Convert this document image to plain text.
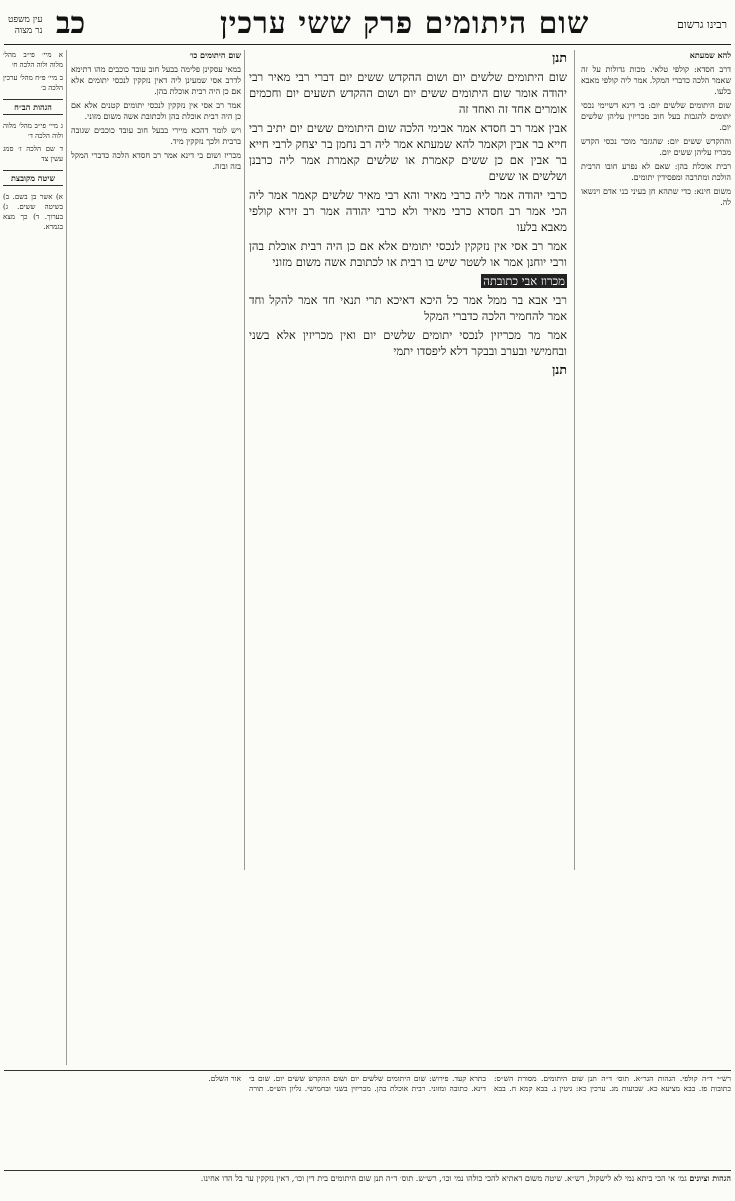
רבינו גרשום
שום היתומים פרק ששי ערכין
כב
עין משפט
נר מצוה

להא שמעתא

דרב חסדא: קולפי טלאי. מכות גדולות על זה שאמר הלכה כדברי המקל. אמר ליה קולפי מאבא בלעו.

שום היתומים שלשים יום: בי דינא דשיימי נכסי יתומים להגבות בעל חוב מכריזין עליהן שלשים יום.

וההקדש ששים יום: שהגזבר מוכר נכסי הקדש מכריז עליהן ששים יום.

רבית אוכלת בהן: שאם לא נפרע חובו הרבית הולכת ומתרבה ומפסידין יתומים.

משום חינא: כדי שתהא חן בעיני בני אדם וינשאו לה.

תנן

שום היתומים שלשים יום ושום ההקדש ששים יום דברי רבי מאיר רבי יהודה אומר שום היתומים ששים יום ושום ההקדש תשעים יום וחכמים אומרים אחד זה ואחד זה

אבין אמר רב חסדא אמר אבימי הלכה שום היתומים ששים יום יתיב רבי חייא בר אבין וקאמר להא שמעתא אמר ליה רב נחמן בר יצחק לרבי חייא בר אבין אם כן ששים קאמרת או שלשים קאמרת אמר ליה כרבנן ושלשים או ששים

כרבי יהודה אמר ליה כרבי מאיר והא רבי מאיר שלשים קאמר אמר ליה הכי אמר רב חסדא כרבי מאיר ולא כרבי יהודה אמר רב זירא קולפי מאבא בלעו

אמר רב אסי אין נזקקין לנכסי יתומים אלא אם כן היה רבית אוכלת בהן ורבי יוחנן אמר או לשטר שיש בו רבית או לכתובת אשה משום מזוני

מכרוז אבי כתובתה

רבי אבא בר ממל אמר כל היכא דאיכא תרי תנאי חד אמר להקל וחד אמר להחמיר הלכה כדברי המקל

אמר מר מכריזין לנכסי יתומים שלשים יום ואין מכריזין אלא בשני ובחמישי ובערב ובבקר דלא ליפסדו יתמי

תנן

שום היתומים כו׳

במאי עסקינן פלימה בבעל חוב עובד כוכבים מהו דתימא לדרב אסי שמעינן ליה דאין נזקקין לנכסי יתומים אלא אם כן היה רבית אוכלת בהן.

אמר רב אסי אין נזקקין לנכסי יתומים קטנים אלא אם כן היה רבית אוכלת בהן ולכתובת אשה משום מזוני.

ויש לומר דהכא מיירי בבעל חוב עובד כוכבים שגובה ברבית ולכך נזקקין מיד.

מכריז ושום בי דינא אמר רב חסדא הלכה כדברי המקל בזה ובזה.

א מיי׳ פי״ב מהל׳ מלוה ולוה הלכה ח׳

ב מיי׳ פ״ח מהל׳ ערכין הלכה ב׳

הגהות הב״ח

ג מיי׳ פי״ב מהל׳ מלוה ולוה הלכה ד׳

ד שם הלכה ז׳ סמג עשין צד

שיטה מקובצת

א) אשר בן בשם. ב) בשיטה ששים. ג) בערוך. ד) כך מצא בגמרא.

רש״י ד״ה קולפי. הגהות הגר״א. תוס׳ ד״ה תנן שום היתומים. מסורת הש״ס: כתובות פז. בבא מציעא כא. שבועות מג. ערכין כא: גיטין נ. בבא קמא ח. בבא בתרא קעד. פירוש: שום היתומים שלשים יום ושום ההקדש ששים יום. שום בי דינא. כתובה ומזוני. רבית אוכלת בהן. מכריזין בשני ובחמישי. גליון הש״ס. תורה אור השלם.
הגהות וציונים גמ׳ אי הכי ביתא נמי לא לישקול, רש״א. שיטה משום דאתיא להכי כולהו נמי וכו׳, רש״ש. תוס׳ ד״ה תנן שום היתומים בית דין וכו׳, דאין נזקקין ער בל הדו אחינו.
